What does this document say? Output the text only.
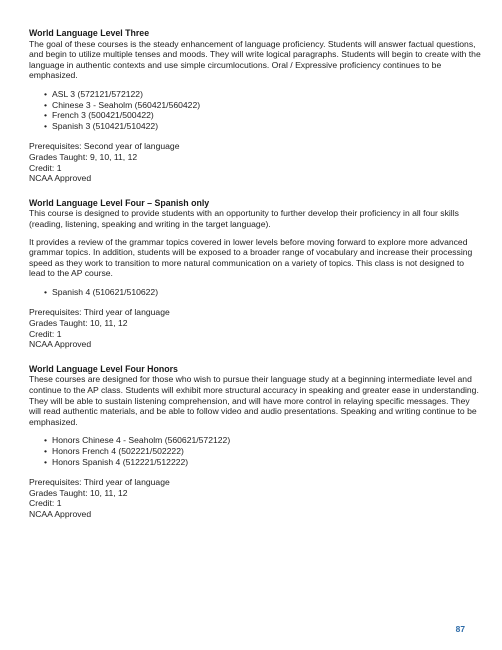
World Language Level Three

The goal of these courses is the steady enhancement of language proficiency. Students will answer factual questions, and begin to utilize multiple tenses and moods. They will write logical paragraphs. Students will begin to create with the language in authentic contexts and use simple circumlocutions. Oral / Expressive proficiency continues to be emphasized.

• ASL 3 (572121/572122)
• Chinese 3 - Seaholm (560421/560422)
• French 3 (500421/500422)
• Spanish 3 (510421/510422)
Prerequisites: Second year of language
Grades Taught: 9, 10, 11, 12
Credit: 1
NCAA Approved
World Language Level Four – Spanish only

This course is designed to provide students with an opportunity to further develop their proficiency in all four skills (reading, listening, speaking and writing in the target language).

It provides a review of the grammar topics covered in lower levels before moving forward to explore more advanced grammar topics. In addition, students will be exposed to a broader range of vocabulary and increase their processing speed as they work to transition to more natural communication on a variety of topics. This class is not designed to lead to the AP course.

• Spanish 4 (510621/510622)
Prerequisites: Third year of language
Grades Taught: 10, 11, 12
Credit: 1
NCAA Approved
World Language Level Four Honors

These courses are designed for those who wish to pursue their language study at a beginning intermediate level and continue to the AP class. Students will exhibit more structural accuracy in speaking and greater ease in understanding. They will be able to sustain listening comprehension, and will have more control in relaying specific messages. They will read authentic materials, and be able to follow video and audio presentations. Speaking and writing continue to be emphasized.

• Honors Chinese 4 - Seaholm (560621/572122)
• Honors French 4 (502221/502222)
• Honors Spanish 4 (512221/512222)
Prerequisites: Third year of language
Grades Taught: 10, 11, 12
Credit: 1
NCAA Approved
87
